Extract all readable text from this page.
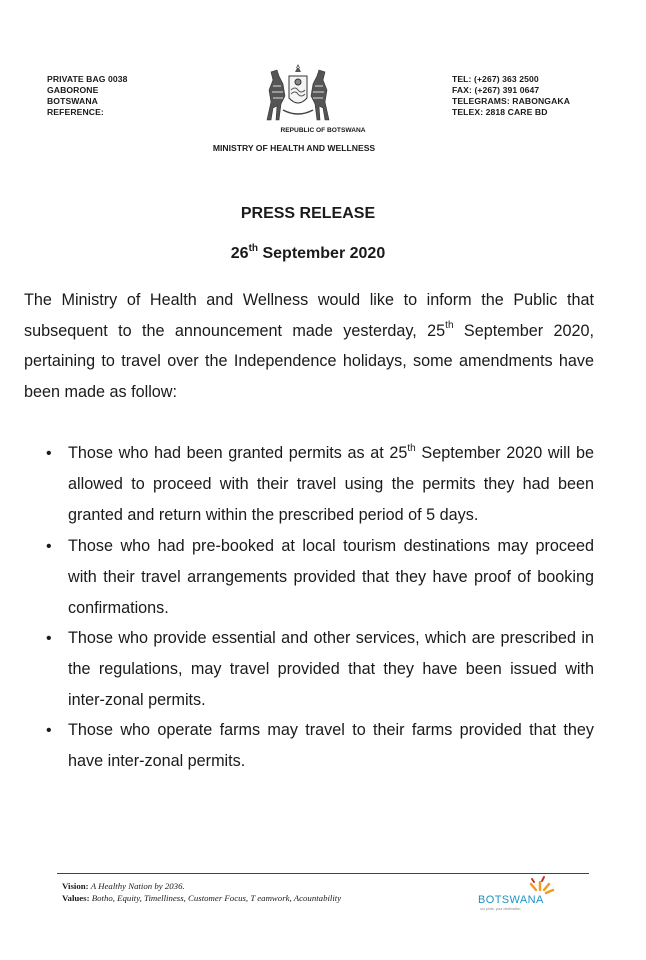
PRIVATE BAG 0038
GABORONE
BOTSWANA
REFERENCE:
TEL: (+267) 363 2500
FAX: (+267) 391 0647
TELEGRAMS: RABONGAKA
TELEX: 2818 CARE BD
REPUBLIC OF BOTSWANA
MINISTRY OF HEALTH AND WELLNESS
PRESS RELEASE
26th September 2020
The Ministry of Health and Wellness would like to inform the Public that subsequent to the announcement made yesterday, 25th September 2020, pertaining to travel over the Independence holidays, some amendments have been made as follow:
• Those who had been granted permits as at 25th September 2020 will be allowed to proceed with their travel using the permits they had been granted and return within the prescribed period of 5 days.
• Those who had pre-booked at local tourism destinations may proceed with their travel arrangements provided that they have proof of booking confirmations.
• Those who provide essential and other services, which are prescribed in the regulations, may travel provided that they have been issued with inter-zonal permits.
• Those who operate farms may travel to their farms provided that they have inter-zonal permits.
Vision: A Healthy Nation by 2036.
Values: Botho, Equity, Timelliness, Customer Focus, T eamwork, Acountability	BOTSWANA
our pride, your destination
